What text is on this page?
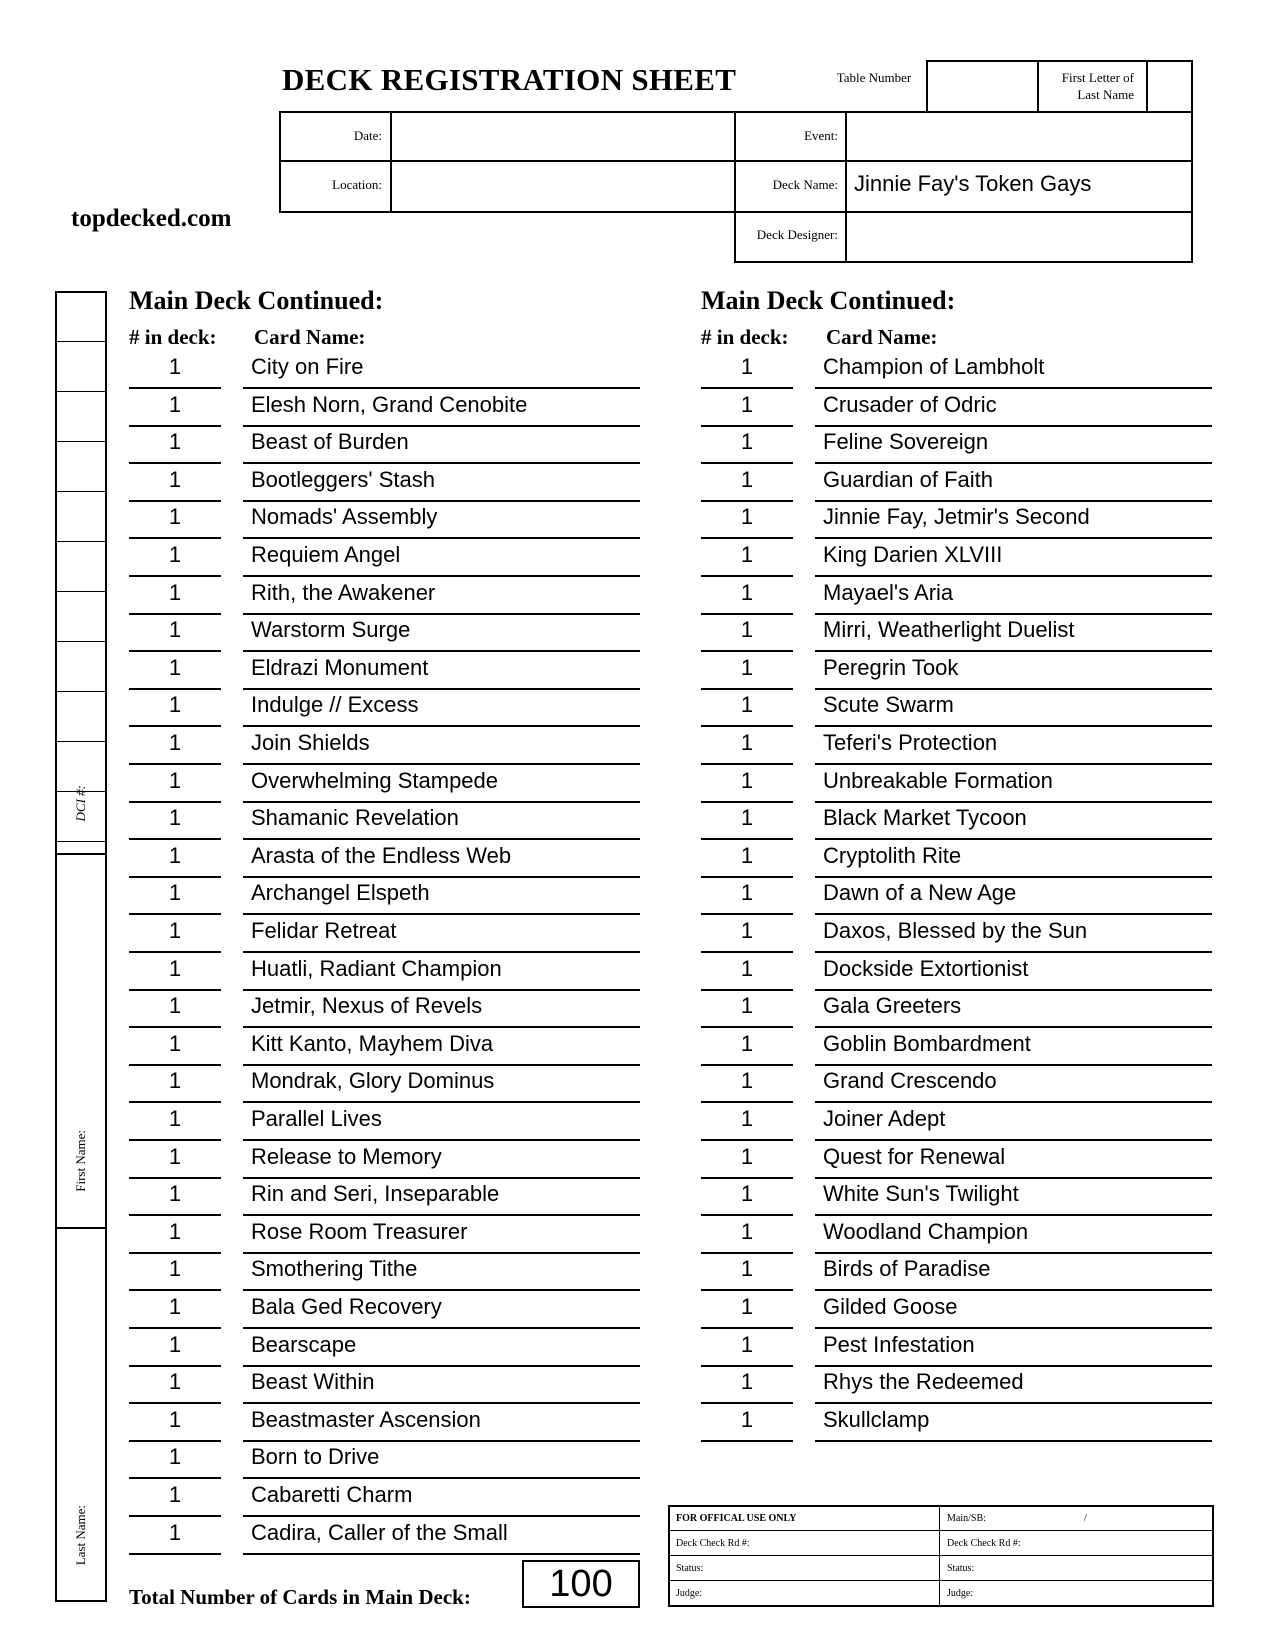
DECK REGISTRATION SHEET	Table Number	First Letter of Last Name
topdecked.com
Date:	Event:
Location:	Deck Name: Jinnie Fay's Token Gays
Deck Designer:
DCI #:
First Name:
Last Name:
Main Deck Continued:
# in deck: Card Name:
1	City on Fire
1	Elesh Norn, Grand Cenobite
1	Beast of Burden
1	Bootleggers' Stash
1	Nomads' Assembly
1	Requiem Angel
1	Rith, the Awakener
1	Warstorm Surge
1	Eldrazi Monument
1	Indulge // Excess
1	Join Shields
1	Overwhelming Stampede
1	Shamanic Revelation
1	Arasta of the Endless Web
1	Archangel Elspeth
1	Felidar Retreat
1	Huatli, Radiant Champion
1	Jetmir, Nexus of Revels
1	Kitt Kanto, Mayhem Diva
1	Mondrak, Glory Dominus
1	Parallel Lives
1	Release to Memory
1	Rin and Seri, Inseparable
1	Rose Room Treasurer
1	Smothering Tithe
1	Bala Ged Recovery
1	Bearscape
1	Beast Within
1	Beastmaster Ascension
1	Born to Drive
1	Cabaretti Charm
1	Cadira, Caller of the Small
Main Deck Continued:
# in deck: Card Name:
1	Champion of Lambholt
1	Crusader of Odric
1	Feline Sovereign
1	Guardian of Faith
1	Jinnie Fay, Jetmir's Second
1	King Darien XLVIII
1	Mayael's Aria
1	Mirri, Weatherlight Duelist
1	Peregrin Took
1	Scute Swarm
1	Teferi's Protection
1	Unbreakable Formation
1	Black Market Tycoon
1	Cryptolith Rite
1	Dawn of a New Age
1	Daxos, Blessed by the Sun
1	Dockside Extortionist
1	Gala Greeters
1	Goblin Bombardment
1	Grand Crescendo
1	Joiner Adept
1	Quest for Renewal
1	White Sun's Twilight
1	Woodland Champion
1	Birds of Paradise
1	Gilded Goose
1	Pest Infestation
1	Rhys the Redeemed
1	Skullclamp
Total Number of Cards in Main Deck:	100
FOR OFFICAL USE ONLY	Main/SB:	/
Deck Check Rd #:	Deck Check Rd #:
Status:	Status:
Judge:	Judge:
